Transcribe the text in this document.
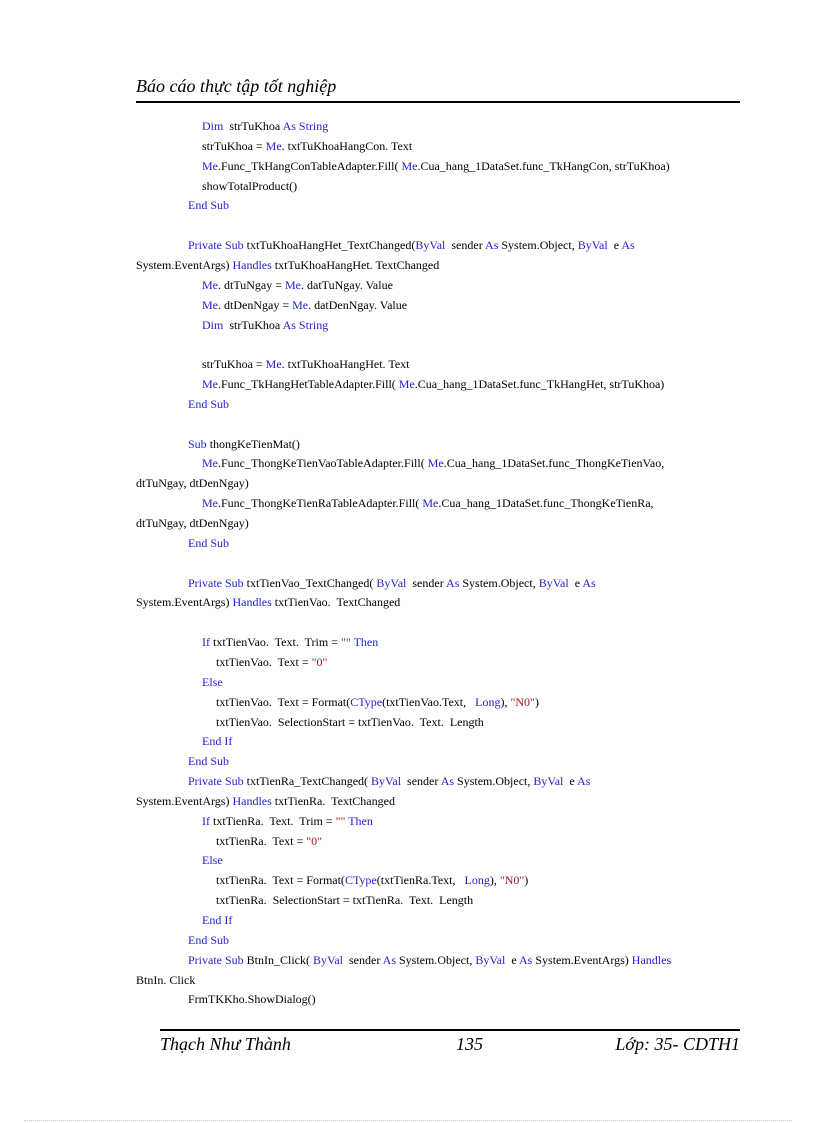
Báo cáo thực tập tốt nghiệp
Dim  strTuKhoa As String
strTuKhoa = Me. txtTuKhoaHangCon. Text
Me.Func_TkHangConTableAdapter.Fill( Me.Cua_hang_1DataSet.func_TkHangCon, strTuKhoa)
showTotalProduct()
End Sub
Private Sub txtTuKhoaHangHet_TextChanged(ByVal  sender As System.Object, ByVal  e As
System.EventArgs) Handles txtTuKhoaHangHet. TextChanged
Me. dtTuNgay = Me. datTuNgay. Value
Me. dtDenNgay = Me. datDenNgay. Value
Dim  strTuKhoa As String
strTuKhoa = Me. txtTuKhoaHangHet. Text
Me.Func_TkHangHetTableAdapter.Fill( Me.Cua_hang_1DataSet.func_TkHangHet, strTuKhoa)
End Sub
Sub thongKeTienMat()
Me.Func_ThongKeTienVaoTableAdapter.Fill( Me.Cua_hang_1DataSet.func_ThongKeTienVao,
dtTuNgay, dtDenNgay)
Me.Func_ThongKeTienRaTableAdapter.Fill( Me.Cua_hang_1DataSet.func_ThongKeTienRa,
dtTuNgay, dtDenNgay)
End Sub
Private Sub txtTienVao_TextChanged( ByVal  sender As System.Object, ByVal  e As
System.EventArgs) Handles txtTienVao.  TextChanged
If txtTienVao.  Text.  Trim = "" Then
txtTienVao.  Text = "0"
Else
txtTienVao.  Text = Format(CType(txtTienVao.Text,   Long), "N0")
txtTienVao.  SelectionStart = txtTienVao.  Text.  Length
End If
End Sub
Private Sub txtTienRa_TextChanged( ByVal  sender As System.Object, ByVal  e As
System.EventArgs) Handles txtTienRa.  TextChanged
If txtTienRa.  Text.  Trim = "" Then
txtTienRa.  Text = "0"
Else
txtTienRa.  Text = Format(CType(txtTienRa.Text,   Long), "N0")
txtTienRa.  SelectionStart = txtTienRa.  Text.  Length
End If
End Sub
Private Sub BtnIn_Click( ByVal  sender As System.Object, ByVal  e As System.EventArgs) Handles
BtnIn. Click
FrmTKKho.ShowDialog()
Thạch Như Thành	135	Lớp: 35- CDTH1
